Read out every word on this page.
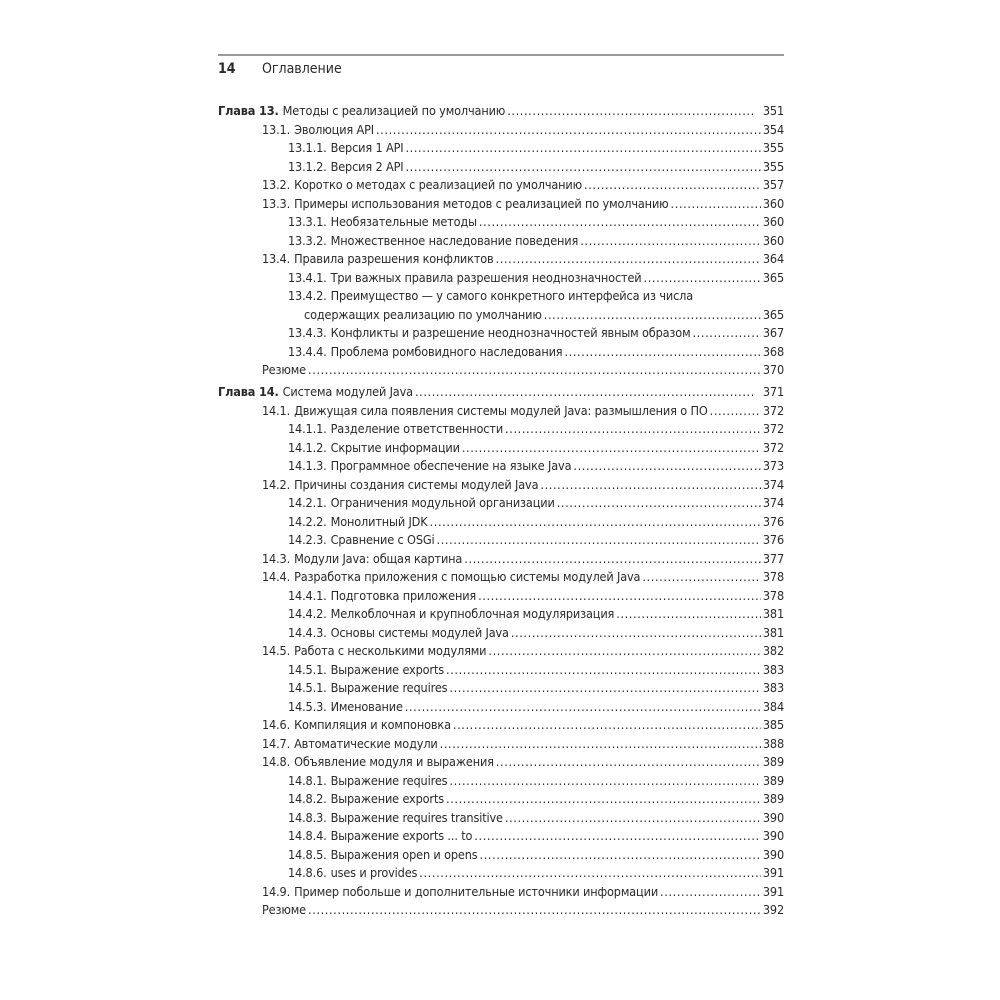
14 Оглавление
Глава 13. Методы с реализацией по умолчанию .....	351
13.1. Эволюция API .....	354
13.1.1. Версия 1 API .....	355
13.1.2. Версия 2 API .....	355
13.2. Коротко о методах с реализацией по умолчанию .....	357
13.3. Примеры использования методов с реализацией по умолчанию .....	360
13.3.1. Необязательные методы .....	360
13.3.2. Множественное наследование поведения .....	360
13.4. Правила разрешения конфликтов .....	364
13.4.1. Три важных правила разрешения неоднозначностей .....	365
13.4.2. Преимущество — у самого конкретного интерфейса из числа
содержащих реализацию по умолчанию .....	365
13.4.3. Конфликты и разрешение неоднозначностей явным образом .....	367
13.4.4. Проблема ромбовидного наследования .....	368
Резюме .....	370
Глава 14. Система модулей Java .....	371
14.1. Движущая сила появления системы модулей Java: размышления о ПО .....	372
14.1.1. Разделение ответственности .....	372
14.1.2. Скрытие информации .....	372
14.1.3. Программное обеспечение на языке Java .....	373
14.2. Причины создания системы модулей Java .....	374
14.2.1. Ограничения модульной организации .....	374
14.2.2. Монолитный JDK .....	376
14.2.3. Сравнение с OSGi .....	376
14.3. Модули Java: общая картина .....	377
14.4. Разработка приложения с помощью системы модулей Java .....	378
14.4.1. Подготовка приложения .....	378
14.4.2. Мелкоблочная и крупноблочная модуляризация .....	381
14.4.3. Основы системы модулей Java .....	381
14.5. Работа с несколькими модулями .....	382
14.5.1. Выражение exports .....	383
14.5.1. Выражение requires .....	383
14.5.3. Именование .....	384
14.6. Компиляция и компоновка .....	385
14.7. Автоматические модули .....	388
14.8. Объявление модуля и выражения .....	389
14.8.1. Выражение requires .....	389
14.8.2. Выражение exports .....	389
14.8.3. Выражение requires transitive .....	390
14.8.4. Выражение exports ... to .....	390
14.8.5. Выражения open и opens .....	390
14.8.6. uses и provides .....	391
14.9. Пример побольше и дополнительные источники информации .....	391
Резюме .....	392
